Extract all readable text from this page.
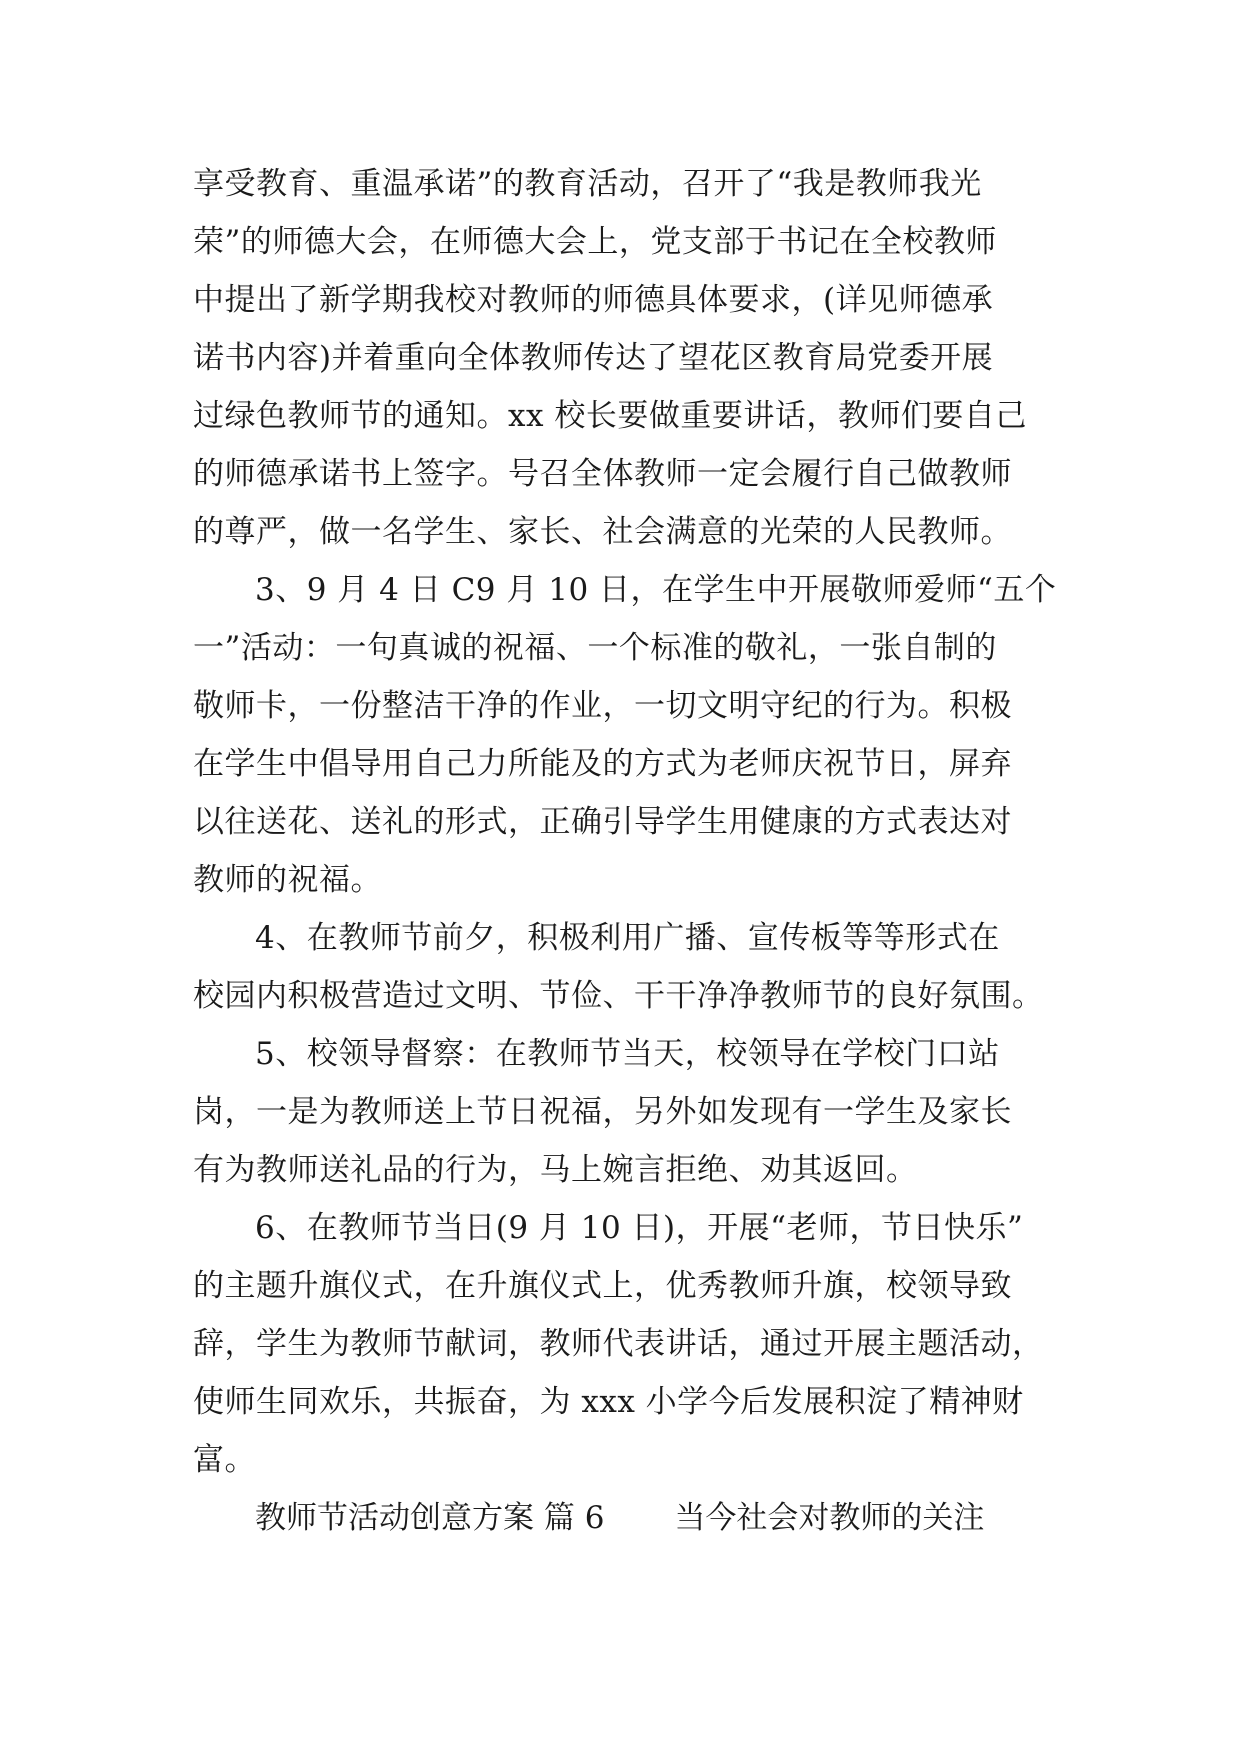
享受教育、重温承诺”的教育活动，召开了“我是教师我光
荣”的师德大会，在师德大会上，党支部于书记在全校教师
中提出了新学期我校对教师的师德具体要求，(详见师德承
诺书内容)并着重向全体教师传达了望花区教育局党委开展
过绿色教师节的通知。xx 校长要做重要讲话，教师们要自己
的师德承诺书上签字。号召全体教师一定会履行自己做教师
的尊严，做一名学生、家长、社会满意的光荣的人民教师。
3、9 月 4 日 C9 月 10 日，在学生中开展敬师爱师“五个
一”活动：一句真诚的祝福、一个标准的敬礼，一张自制的
敬师卡，一份整洁干净的作业，一切文明守纪的行为。积极
在学生中倡导用自己力所能及的方式为老师庆祝节日，屏弃
以往送花、送礼的形式，正确引导学生用健康的方式表达对
教师的祝福。
4、在教师节前夕，积极利用广播、宣传板等等形式在
校园内积极营造过文明、节俭、干干净净教师节的良好氛围。
5、校领导督察：在教师节当天，校领导在学校门口站
岗，一是为教师送上节日祝福，另外如发现有一学生及家长
有为教师送礼品的行为，马上婉言拒绝、劝其返回。
6、在教师节当日(9 月 10 日)，开展“老师，节日快乐”
的主题升旗仪式，在升旗仪式上，优秀教师升旗，校领导致
辞，学生为教师节献词，教师代表讲话，通过开展主题活动，
使师生同欢乐，共振奋，为 xxx 小学今后发展积淀了精神财
富。
教师节活动创意方案 篇 6 当今社会对教师的关注
